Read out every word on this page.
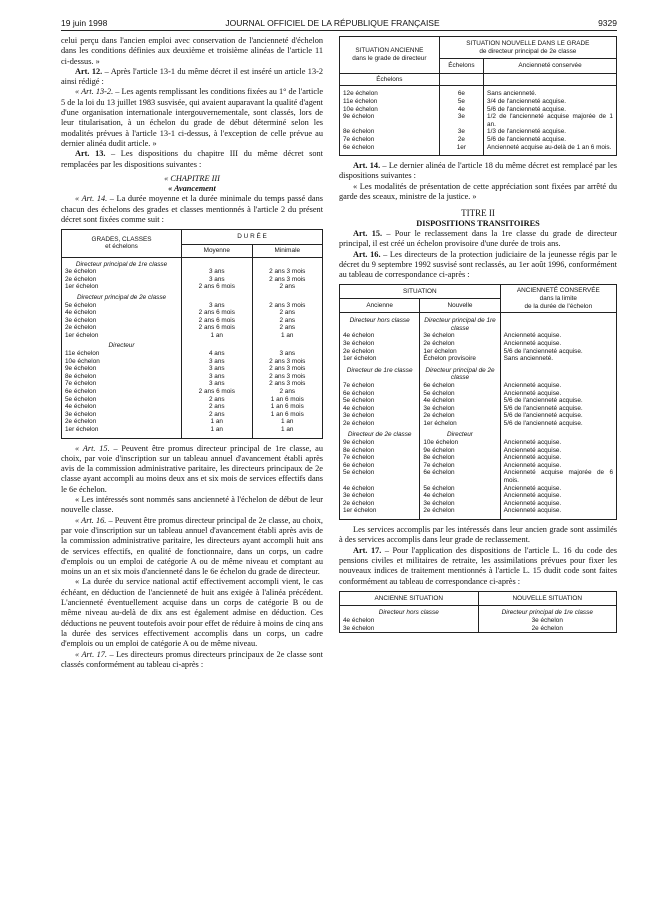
19 juin 1998	JOURNAL OFFICIEL DE LA RÉPUBLIQUE FRANÇAISE	9329

celui perçu dans l'ancien emploi avec conservation de l'ancienneté d'échelon dans les conditions définies aux deuxième et troisième alinéas de l'article 11 ci-dessus. »

Art. 12. – Après l'article 13-1 du même décret il est inséré un article 13-2 ainsi rédigé :

« Art. 13-2. – Les agents remplissant les conditions fixées au 1° de l'article 5 de la loi du 13 juillet 1983 susvisée, qui avaient auparavant la qualité d'agent d'une organisation internationale intergouvernementale, sont classés, lors de leur titularisation, à un échelon du grade de début déterminé selon les modalités prévues à l'article 13-1 ci-dessus, à l'exception de celle prévue au dernier alinéa dudit article. »

Art. 13. – Les dispositions du chapitre III du même décret sont remplacées par les dispositions suivantes :

« CHAPITRE III

« Avancement

« Art. 14. – La durée moyenne et la durée minimale du temps passé dans chacun des échelons des grades et classes mentionnés à l'article 2 du présent décret sont fixées comme suit :

GRADES, CLASSES
et échelons	D U R É E	
	Moyenne	Minimale
Directeur principal de 1re classe		
3e échelon	3 ans	2 ans 3 mois
2e échelon	3 ans	2 ans 3 mois
1er échelon	2 ans 6 mois	2 ans
Directeur principal de 2e classe		
5e échelon	3 ans	2 ans 3 mois
4e échelon	2 ans 6 mois	2 ans
3e échelon	2 ans 6 mois	2 ans
2e échelon	2 ans 6 mois	2 ans
1er échelon	1 an	1 an
Directeur		
11e échelon	4 ans	3 ans
10e échelon	3 ans	2 ans 3 mois
9e échelon	3 ans	2 ans 3 mois
8e échelon	3 ans	2 ans 3 mois
7e échelon	3 ans	2 ans 3 mois
6e échelon	2 ans 6 mois	2 ans
5e échelon	2 ans	1 an 6 mois
4e échelon	2 ans	1 an 6 mois
3e échelon	2 ans	1 an 6 mois
2e échelon	1 an	1 an
1er échelon	1 an	1 an

« Art. 15. – Peuvent être promus directeur principal de 1re classe, au choix, par voie d'inscription sur un tableau annuel d'avancement établi après avis de la commission administrative paritaire, les directeurs principaux de 2e classe ayant accompli au moins deux ans et six mois de services effectifs dans le 6e échelon.

« Les intéressés sont nommés sans ancienneté à l'échelon de début de leur nouvelle classe.

« Art. 16. – Peuvent être promus directeur principal de 2e classe, au choix, par voie d'inscription sur un tableau annuel d'avancement établi après avis de la commission administrative paritaire, les directeurs ayant accompli huit ans de services effectifs, en qualité de fonctionnaire, dans un corps, un cadre d'emplois ou un emploi de catégorie A ou de même niveau et comptant au moins un an et six mois d'ancienneté dans le 6e échelon du grade de directeur.

« La durée du service national actif effectivement accompli vient, le cas échéant, en déduction de l'ancienneté de huit ans exigée à l'alinéa précédent. L'ancienneté éventuellement acquise dans un corps de catégorie B ou de même niveau au-delà de dix ans est également admise en déduction. Ces déductions ne peuvent toutefois avoir pour effet de réduire à moins de cinq ans la durée des services effectivement accomplis dans un corps, un cadre d'emplois ou un emploi de catégorie A ou de même niveau.

« Art. 17. – Les directeurs promus directeurs principaux de 2e classe sont classés conformément au tableau ci-après :

SITUATION ANCIENNE
dans le grade de directeur	SITUATION NOUVELLE DANS LE GRADE
de directeur principal de 2e classe	

	Échelons	Ancienneté conservée
Échelons		

12e échelon	6e	Sans ancienneté.
11e échelon	5e	3/4 de l'ancienneté acquise.
10e échelon	4e	5/6 de l'ancienneté acquise.
9e échelon	3e	1/2 de l'ancienneté acquise majorée de 1 an.
8e échelon	3e	1/3 de l'ancienneté acquise.
7e échelon	2e	5/6 de l'ancienneté acquise.
6e échelon	1er	Ancienneté acquise au-delà de 1 an 6 mois.

Art. 14. – Le dernier alinéa de l'article 18 du même décret est remplacé par les dispositions suivantes :

« Les modalités de présentation de cette appréciation sont fixées par arrêté du garde des sceaux, ministre de la justice. »

TITRE II
DISPOSITIONS TRANSITOIRES

Art. 15. – Pour le reclassement dans la 1re classe du grade de directeur principal, il est créé un échelon provisoire d'une durée de trois ans.

Art. 16. – Les directeurs de la protection judiciaire de la jeunesse régis par le décret du 9 septembre 1992 susvisé sont reclassés, au 1er août 1996, conformément au tableau de correspondance ci-après :

SITUATION		ANCIENNETÉ CONSERVÉE
dans la limite
de la durée de l'échelon

Ancienne	Nouvelle	
Directeur hors classe	Directeur principal de 1re classe	
4e échelon	3e échelon	Ancienneté acquise.
3e échelon	2e échelon	Ancienneté acquise.
2e échelon	1er échelon	5/6 de l'ancienneté acquise.
1er échelon	Échelon provisoire	Sans ancienneté.
Directeur de 1re classe	Directeur principal de 2e classe	
7e échelon	6e échelon	Ancienneté acquise.
6e échelon	5e échelon	Ancienneté acquise.
5e échelon	4e échelon	5/6 de l'ancienneté acquise.
4e échelon	3e échelon	5/6 de l'ancienneté acquise.
3e échelon	2e échelon	5/6 de l'ancienneté acquise.
2e échelon	1er échelon	5/6 de l'ancienneté acquise.
Directeur de 2e classe	Directeur	
9e échelon	10e échelon	Ancienneté acquise.
8e échelon	9e échelon	Ancienneté acquise.
7e échelon	8e échelon	Ancienneté acquise.
6e échelon	7e échelon	Ancienneté acquise.
5e échelon	6e échelon	Ancienneté acquise majorée de 6 mois.
4e échelon	5e échelon	Ancienneté acquise.
3e échelon	4e échelon	Ancienneté acquise.
2e échelon	3e échelon	Ancienneté acquise.
1er échelon	2e échelon	Ancienneté acquise.

Les services accomplis par les intéressés dans leur ancien grade sont assimilés à des services accomplis dans leur grade de reclassement.

Art. 17. – Pour l'application des dispositions de l'article L. 16 du code des pensions civiles et militaires de retraite, les assimilations prévues pour fixer les nouveaux indices de traitement mentionnés à l'article L. 15 dudit code sont faites conformément au tableau de correspondance ci-après :

ANCIENNE SITUATION	NOUVELLE SITUATION
Directeur hors classe	Directeur principal de 1re classe
4e échelon	3e échelon
3e échelon	2e échelon
